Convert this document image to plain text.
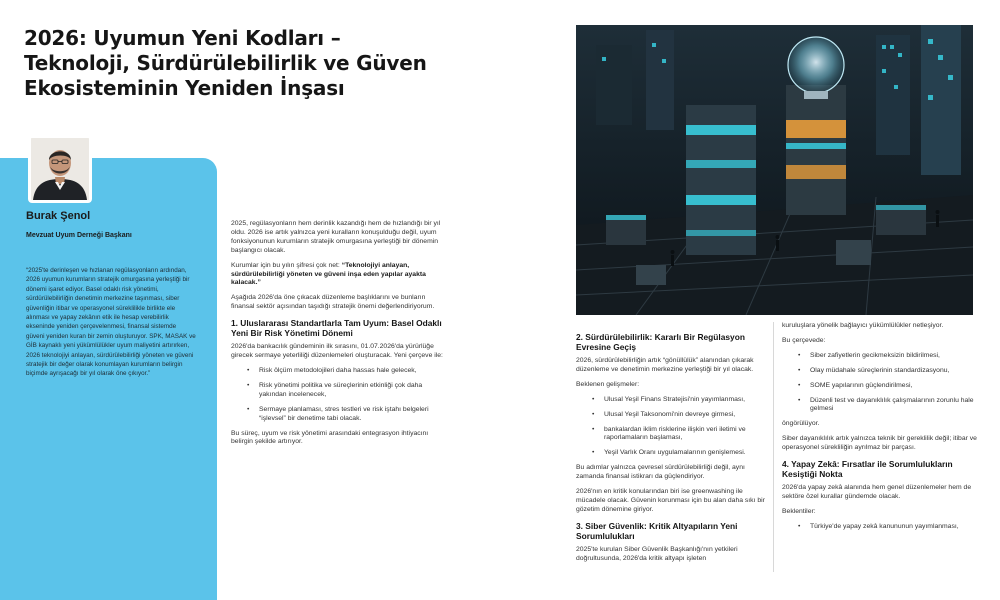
2026: Uyumun Yeni Kodları – Teknoloji, Sürdürülebilirlik ve Güven Ekosisteminin Yeniden İnşası
Burak Şenol
Mevzuat Uyum Derneği Başkanı

“2025'te derinleşen ve hızlanan regülasyonların ardından, 2026 uyumun kurumların stratejik omurgasına yerleştiği bir dönemi işaret ediyor. Basel odaklı risk yönetimi, sürdürülebilirliğin denetimin merkezine taşınması, siber güvenliğin itibar ve operasyonel süreklilikle birlikte ele alınması ve yapay zekânın etik ile hesap verebilirlik ekseninde yeniden çerçevelenmesi, finansal sistemde güveni yeniden kuran bir zemin oluşturuyor. SPK, MASAK ve GİB kaynaklı yeni yükümlülükler uyum maliyetini artırırken, 2026 teknolojiyi anlayan, sürdürülebilirliği yöneten ve güveni stratejik bir değer olarak konumlayan kurumların belirgin biçimde ayrışacağı bir yıl olarak öne çıkıyor.”

2025, regülasyonların hem derinlik kazandığı hem de hızlandığı bir yıl oldu. 2026 ise artık yalnızca yeni kuralların konuşulduğu değil, uyum fonksiyonunun kurumların stratejik omurgasına yerleştiği bir dönemin başlangıcı olacak.

Kurumlar için bu yılın şifresi çok net: “Teknolojiyi anlayan, sürdürülebilirliği yöneten ve güveni inşa eden yapılar ayakta kalacak.”

Aşağıda 2026'da öne çıkacak düzenleme başlıklarını ve bunların finansal sektör açısından taşıdığı stratejik önemi değerlendiriyorum.

1. Uluslararası Standartlarla Tam Uyum: Basel Odaklı Yeni Bir Risk Yönetimi Dönemi

2026'da bankacılık gündeminin ilk sırasını, 01.07.2026'da yürürlüğe girecek sermaye yeterliliği düzenlemeleri oluşturacak. Yeni çerçeve ile:

• Risk ölçüm metodolojileri daha hassas hale gelecek,
• Risk yönetimi politika ve süreçlerinin etkinliği çok daha yakından incelenecek,
• Sermaye planlaması, stres testleri ve risk iştahı belgeleri “işlevsel” bir denetime tabi olacak.

Bu süreç, uyum ve risk yönetimi arasındaki entegrasyon ihtiyacını belirgin şekilde artırıyor.

2. Sürdürülebilirlik: Kararlı Bir Regülasyon Evresine Geçiş

2026, sürdürülebilirliğin artık “gönüllülük” alanından çıkarak düzenleme ve denetimin merkezine yerleştiği bir yıl olacak.

Beklenen gelişmeler:

• Ulusal Yeşil Finans Stratejisi'nin yayımlanması,
• Ulusal Yeşil Taksonomi'nin devreye girmesi,
• bankalardan iklim risklerine ilişkin veri iletimi ve raporlamaların başlaması,
• Yeşil Varlık Oranı uygulamalarının genişlemesi.

Bu adımlar yalnızca çevresel sürdürülebilirliği değil, aynı zamanda finansal istikrarı da güçlendiriyor.

2026'nın en kritik konularından biri ise greenwashing ile mücadele olacak. Güvenin korunması için bu alan daha sıkı bir gözetim dönemine giriyor.

3. Siber Güvenlik: Kritik Altyapıların Yeni Sorumlulukları

2025'te kurulan Siber Güvenlik Başkanlığı'nın yetkileri doğrultusunda, 2026'da kritik altyapı işleten

kuruluşlara yönelik bağlayıcı yükümlülükler netleşiyor.

Bu çerçevede:

• Siber zafiyetlerin gecikmeksizin bildirilmesi,
• Olay müdahale süreçlerinin standardizasyonu,
• SOME yapılarının güçlendirilmesi,
• Düzenli test ve dayanıklılık çalışmalarının zorunlu hale gelmesi

öngörülüyor.

Siber dayanıklılık artık yalnızca teknik bir gereklilik değil; itibar ve operasyonel sürekliliğin ayrılmaz bir parçası.

4. Yapay Zekâ: Fırsatlar ile Sorumlulukların Kesiştiği Nokta

2026'da yapay zekâ alanında hem genel düzenlemeler hem de sektöre özel kurallar gündemde olacak.

Beklentiler:

• Türkiye'de yapay zekâ kanununun yayımlanması,
